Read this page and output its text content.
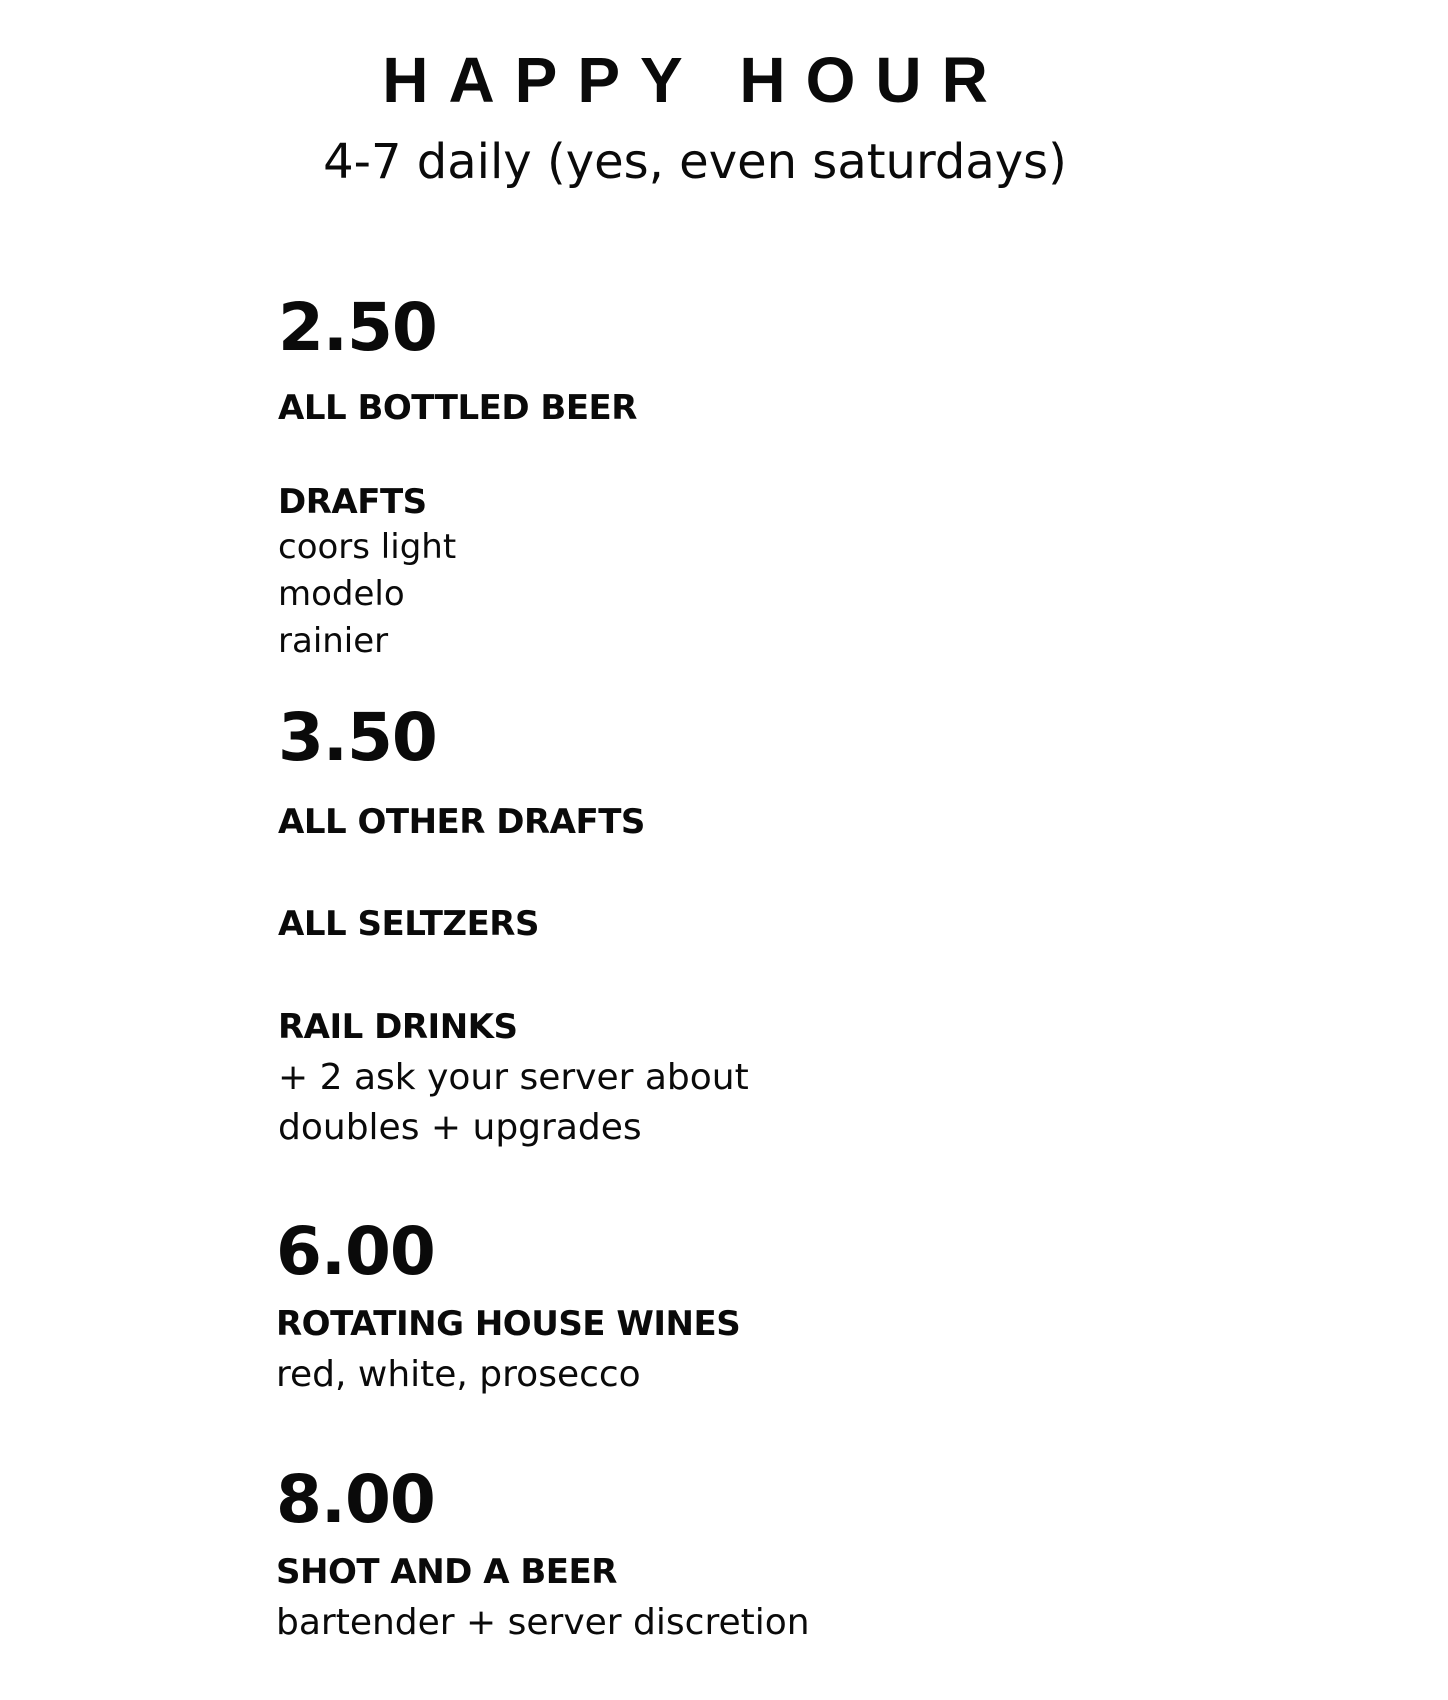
HAPPY HOUR
4-7 daily (yes, even saturdays)
2.50
ALL BOTTLED BEER
DRAFTS
coors light
modelo
rainier
3.50
ALL OTHER DRAFTS
ALL SELTZERS
RAIL DRINKS
+ 2 ask your server about
doubles + upgrades
6.00
ROTATING HOUSE WINES
red, white, prosecco
8.00
SHOT AND A BEER
bartender + server discretion
